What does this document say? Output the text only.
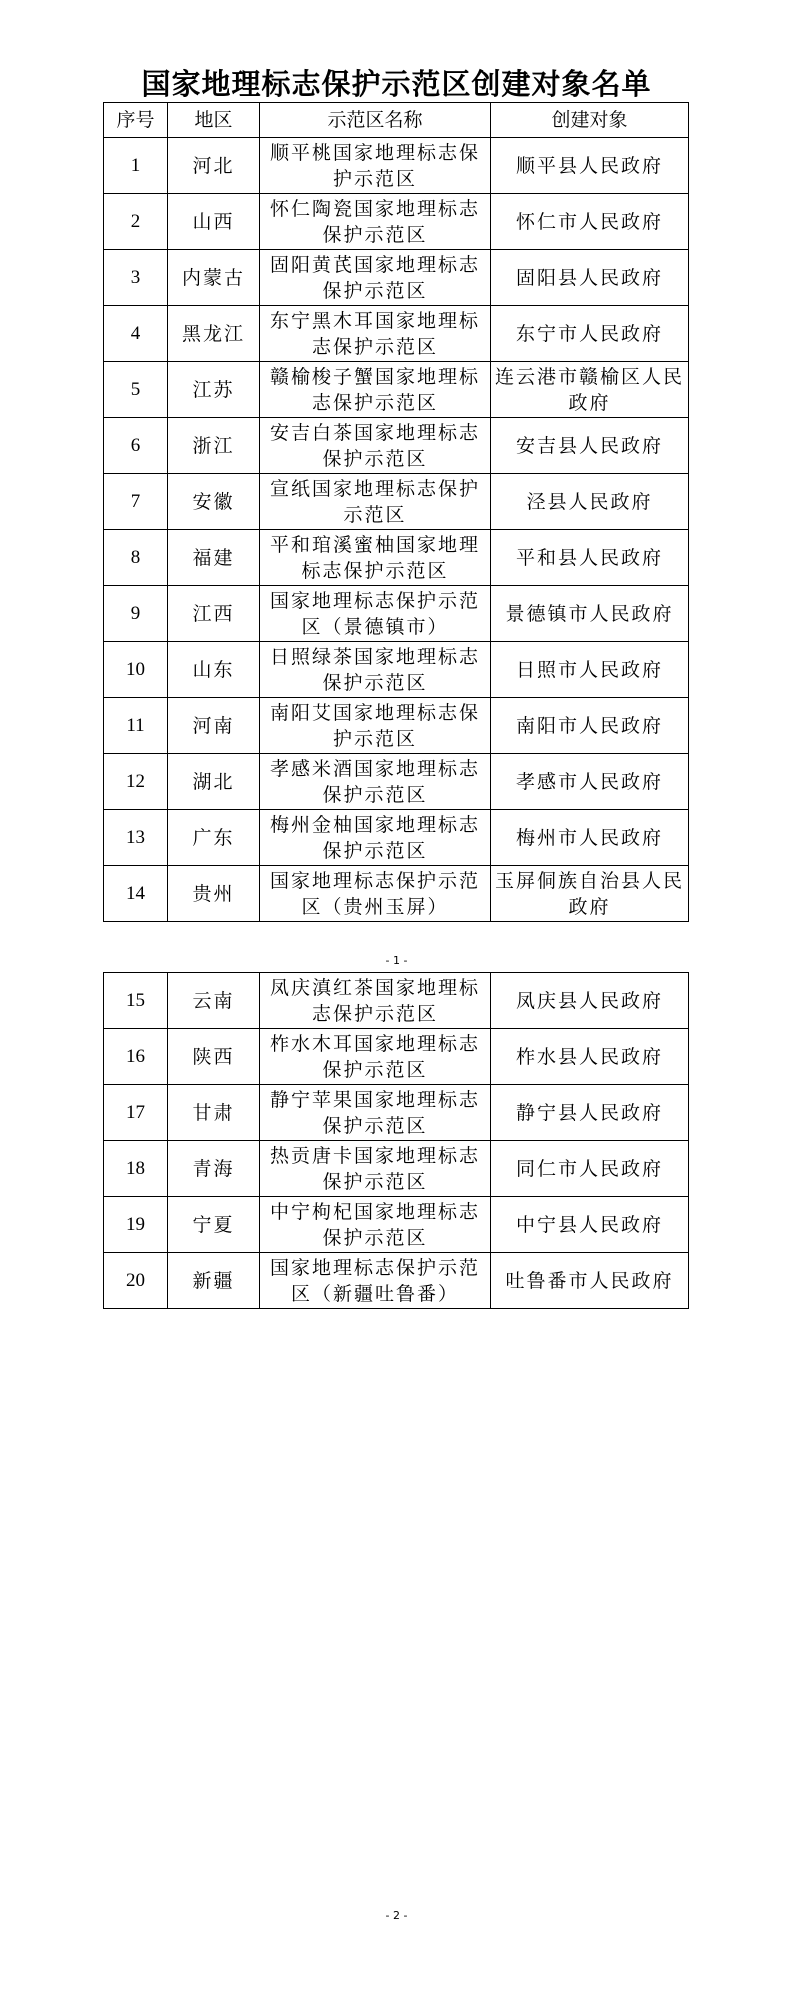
国家地理标志保护示范区创建对象名单
序号	地区	示范区名称	创建对象
1	河北	顺平桃国家地理标志保护示范区	顺平县人民政府
2	山西	怀仁陶瓷国家地理标志保护示范区	怀仁市人民政府
3	内蒙古	固阳黄芪国家地理标志保护示范区	固阳县人民政府
4	黑龙江	东宁黑木耳国家地理标志保护示范区	东宁市人民政府
5	江苏	赣榆梭子蟹国家地理标志保护示范区	连云港市赣榆区人民政府
6	浙江	安吉白茶国家地理标志保护示范区	安吉县人民政府
7	安徽	宣纸国家地理标志保护示范区	泾县人民政府
8	福建	平和琯溪蜜柚国家地理标志保护示范区	平和县人民政府
9	江西	国家地理标志保护示范区（景德镇市）	景德镇市人民政府
10	山东	日照绿茶国家地理标志保护示范区	日照市人民政府
11	河南	南阳艾国家地理标志保护示范区	南阳市人民政府
12	湖北	孝感米酒国家地理标志保护示范区	孝感市人民政府
13	广东	梅州金柚国家地理标志保护示范区	梅州市人民政府
14	贵州	国家地理标志保护示范区（贵州玉屏）	玉屏侗族自治县人民政府
- 1 -
15	云南	凤庆滇红茶国家地理标志保护示范区	凤庆县人民政府
16	陕西	柞水木耳国家地理标志保护示范区	柞水县人民政府
17	甘肃	静宁苹果国家地理标志保护示范区	静宁县人民政府
18	青海	热贡唐卡国家地理标志保护示范区	同仁市人民政府
19	宁夏	中宁枸杞国家地理标志保护示范区	中宁县人民政府
20	新疆	国家地理标志保护示范区（新疆吐鲁番）	吐鲁番市人民政府
- 2 -
